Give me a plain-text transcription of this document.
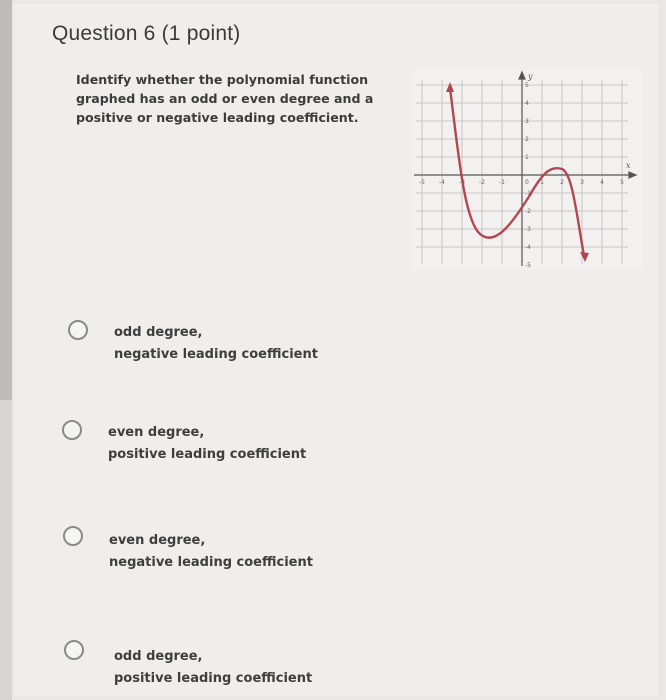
Question 6 (1 point)
Identify whether the polynomial function graphed has an odd or even degree and a positive or negative leading coefficient.
x
y
-5 -4 -3 -2 -1	1	2	3	4	5
5
4
3
2
1
-1
-2
-3
-4
-5
0
odd degree,
negative leading coefficient
even degree,
positive leading coefficient
even degree,
negative leading coefficient
odd degree,
positive leading coefficient
